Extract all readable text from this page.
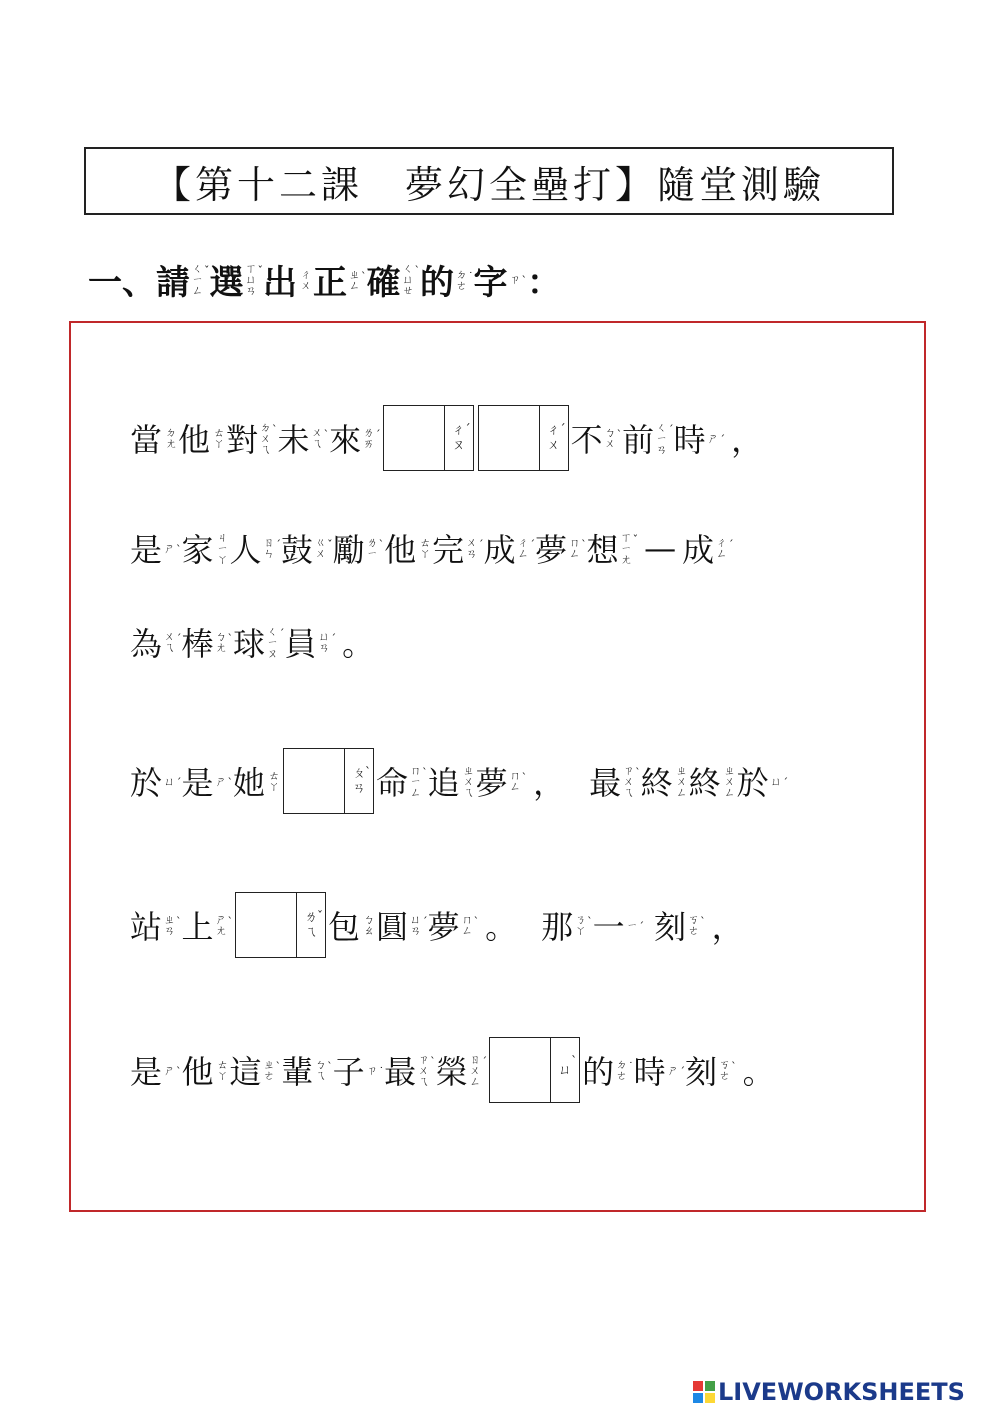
【第十二課　夢幻全壘打】隨堂測驗
一、 請 ㄑ
ㄧ
ㄥ
ˇ 選 ㄒ
ㄩ
ㄢ
ˇ 出 ㄔ
ㄨ 正 ㄓ
ㄥ
ˋ 確 ㄑ
ㄩ
ㄝ
ˋ 的 ㄉ
ㄜ
˙ 字 ㄗ ˋ ：
當 ㄉ
ㄤ 他 ㄊ
ㄚ 對 ㄉ
ㄨ
ㄟ
ˋ 未 ㄨ
ㄟ
ˋ 來 ㄌ
ㄞ
ˊ	ㄔ
ㄡ
ˊ	ㄔ
ㄨ
ˊ 不 ㄅ
ㄨ
ˋ 前 ㄑ
ㄧ
ㄢ
ˊ 時 ㄕ ˊ ，
是 ㄕ ˋ 家 ㄐ
ㄧ
ㄚ 人 ㄖ
ㄣ
ˊ 鼓 ㄍ
ㄨ
ˇ 勵 ㄌ
ㄧ
ˋ 他 ㄊ
ㄚ 完 ㄨ
ㄢ
ˊ 成 ㄔ
ㄥ
ˊ 夢 ㄇ
ㄥ
ˋ 想 ㄒ
ㄧ
ㄤ
ˇ — 成 ㄔ
ㄥ
ˊ
為 ㄨ
ㄟ
ˊ 棒 ㄅ
ㄤ
ˋ 球 ㄑ
ㄧ
ㄡ
ˊ 員 ㄩ
ㄢ
ˊ 。
於 ㄩ ˊ 是 ㄕ ˋ 她 ㄊ
ㄚ
ㄆ
ㄢ
ˋ 命 ㄇ
ㄧ
ㄥ
ˋ 追 ㄓ
ㄨ
ㄟ 夢 ㄇ
ㄥ
ˋ ， 最 ㄗ
ㄨ
ㄟ
ˋ 終 ㄓ
ㄨ
ㄥ 終 ㄓ
ㄨ
ㄥ 於 ㄩ ˊ
站 ㄓ
ㄢ
ˋ 上 ㄕ
ㄤ
ˋ	ㄌ
ㄟ
ˇ 包 ㄅ
ㄠ 圓 ㄩ
ㄢ
ˊ 夢 ㄇ
ㄥ
ˋ 。 那 ㄋ
ㄚ
ˋ 一 ㄧ ˊ 刻 ㄎ
ㄜ
ˋ ，
是 ㄕ ˋ 他 ㄊ
ㄚ 這 ㄓ
ㄜ
ˋ 輩 ㄅ
ㄟ
ˋ 子 ㄗ ˙ 最 ㄗ
ㄨ
ㄟ
ˋ 榮 ㄖ
ㄨ
ㄥ
ˊ
ㄩ
ˋ 的 ㄉ
ㄜ
˙ 時 ㄕ ˊ 刻 ㄎ
ㄜ
ˋ 。
LIVEWORKSHEETS
